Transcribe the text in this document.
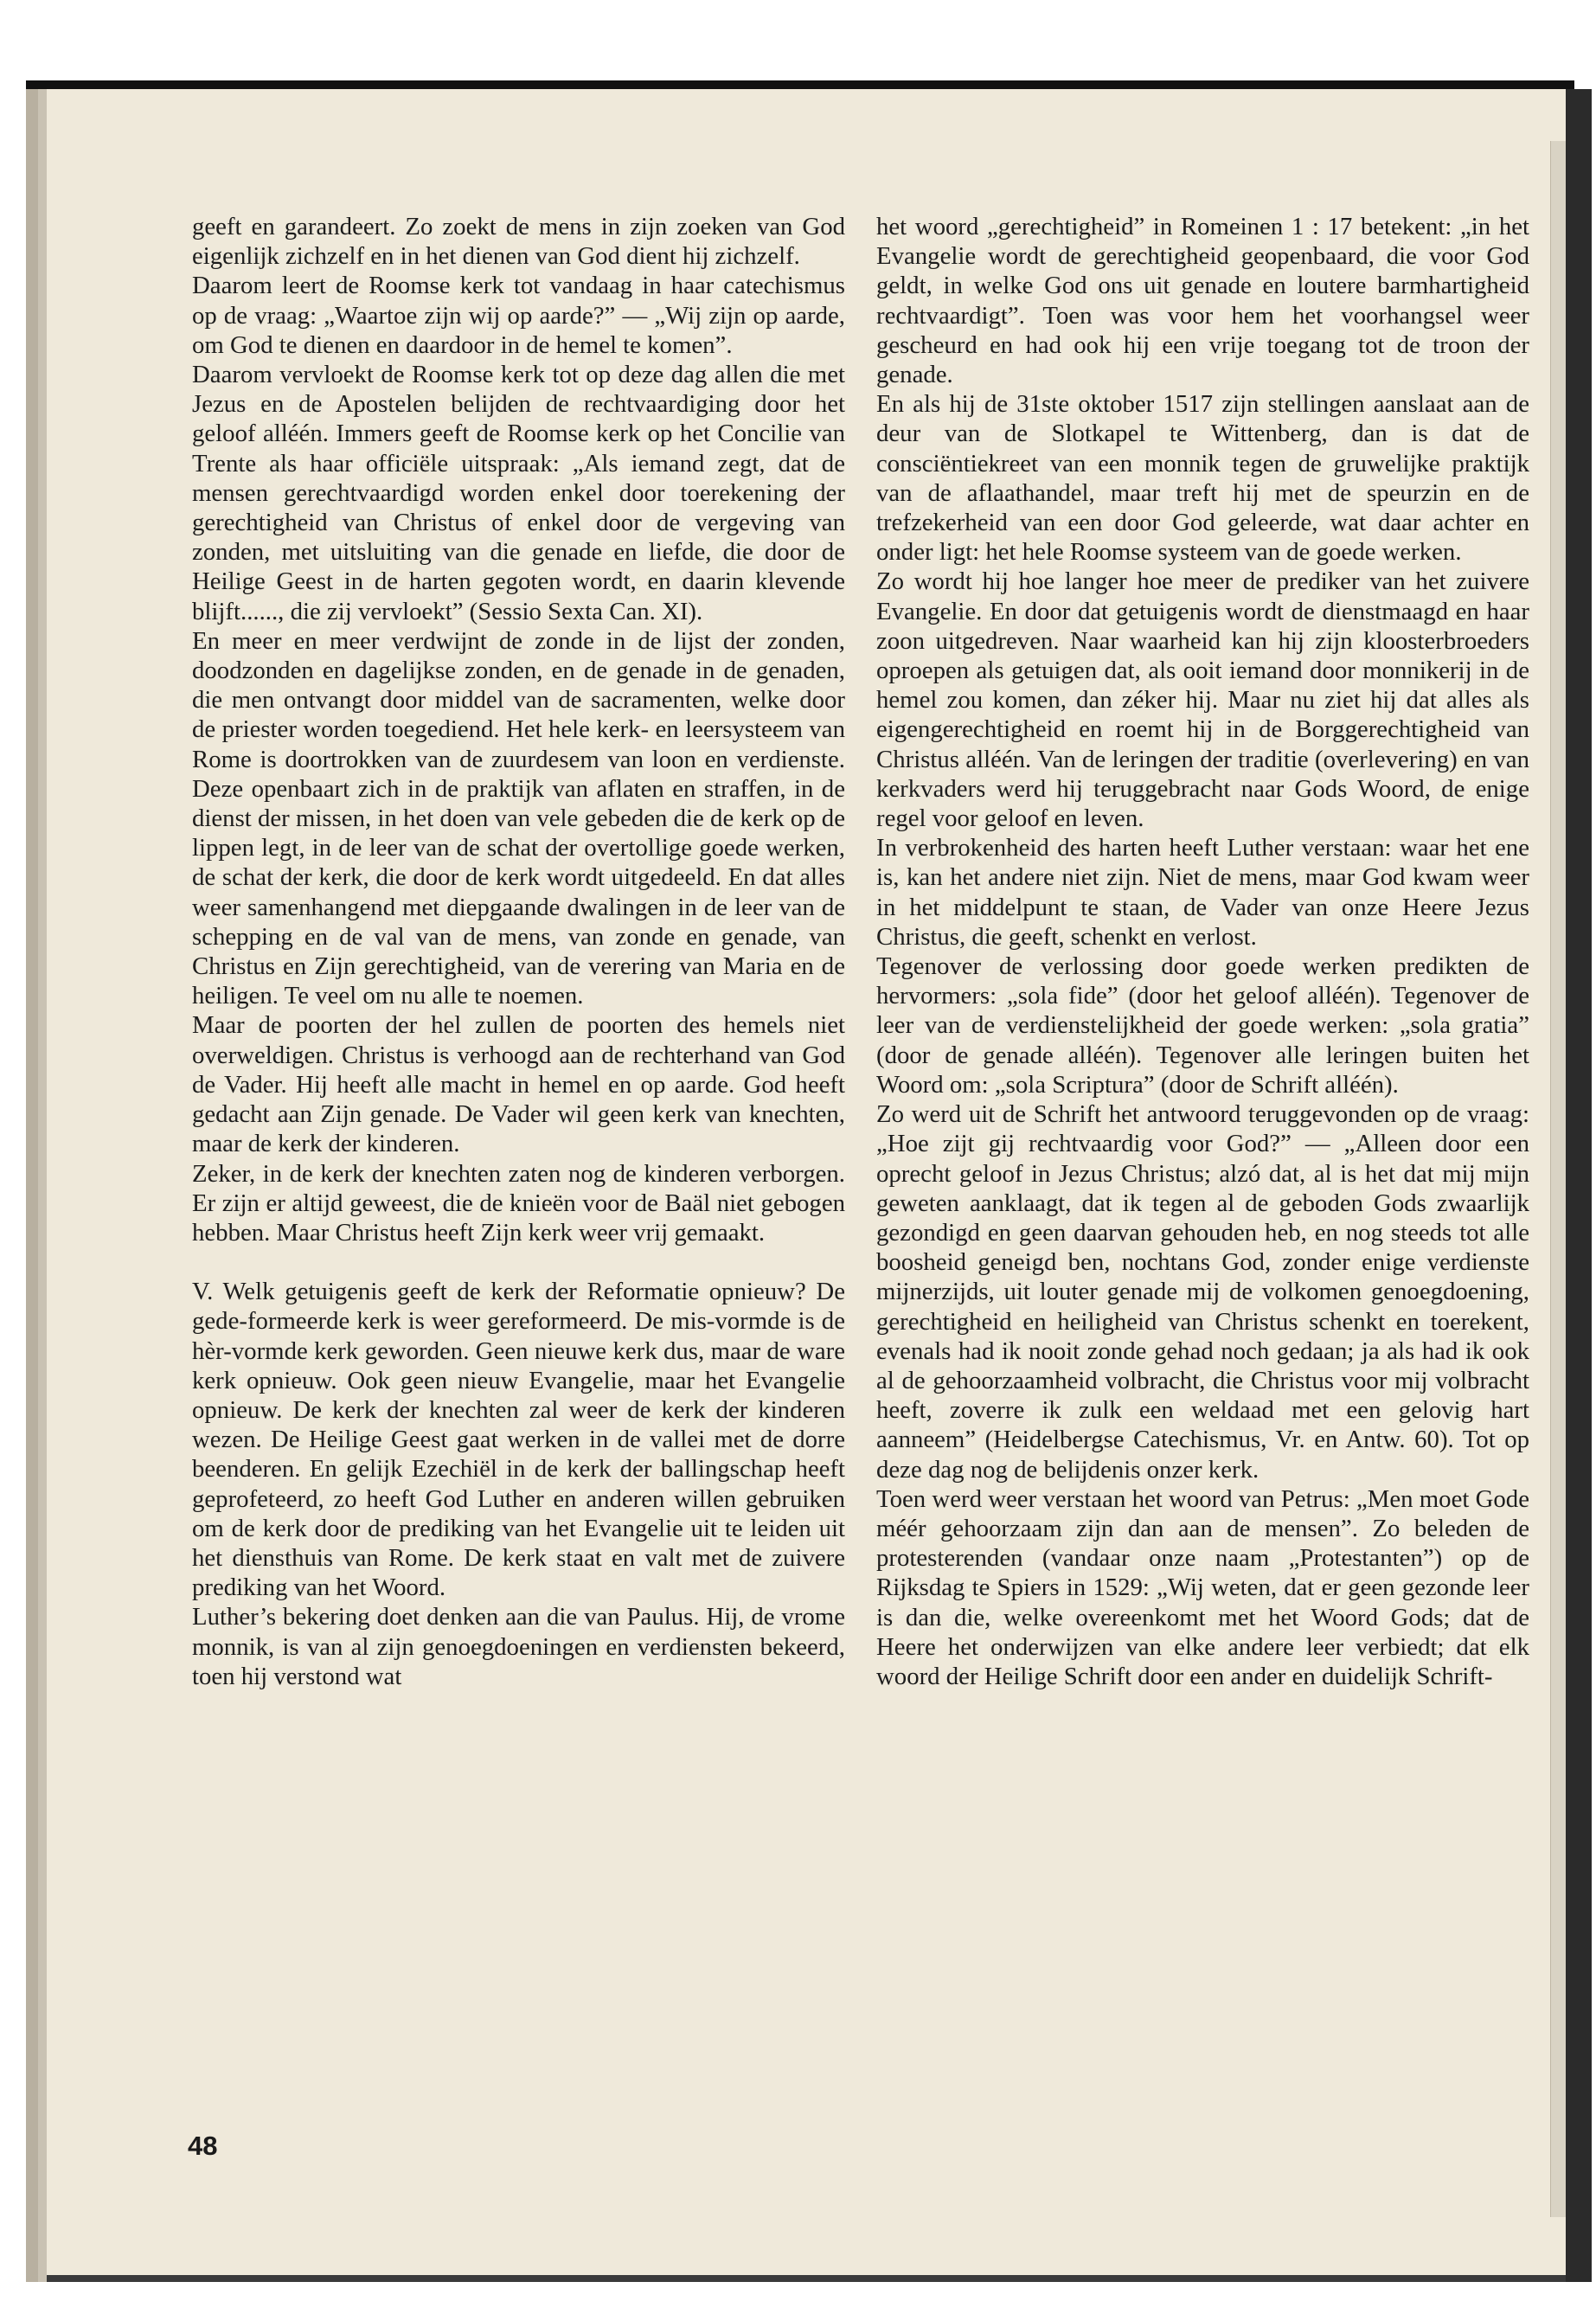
geeft en garandeert. Zo zoekt de mens in zijn zoeken van God eigenlijk zichzelf en in het dienen van God dient hij zichzelf.

Daarom leert de Roomse kerk tot vandaag in haar catechismus op de vraag: „Waartoe zijn wij op aarde?” — „Wij zijn op aarde, om God te dienen en daardoor in de hemel te komen”.

Daarom vervloekt de Roomse kerk tot op deze dag allen die met Jezus en de Apostelen belijden de rechtvaardiging door het geloof alléén. Immers geeft de Roomse kerk op het Concilie van Trente als haar officiële uitspraak: „Als iemand zegt, dat de mensen gerechtvaardigd worden enkel door toerekening der gerechtigheid van Christus of enkel door de vergeving van zonden, met uitsluiting van die genade en liefde, die door de Heilige Geest in de harten gegoten wordt, en daarin klevende blijft......, die zij vervloekt” (Sessio Sexta Can. XI).

En meer en meer verdwijnt de zonde in de lijst der zonden, doodzonden en dagelijkse zonden, en de genade in de genaden, die men ontvangt door middel van de sacramenten, welke door de priester worden toegediend. Het hele kerk- en leersysteem van Rome is doortrokken van de zuurdesem van loon en verdienste. Deze openbaart zich in de praktijk van aflaten en straffen, in de dienst der missen, in het doen van vele gebeden die de kerk op de lippen legt, in de leer van de schat der overtollige goede werken, de schat der kerk, die door de kerk wordt uitgedeeld. En dat alles weer samenhangend met diepgaande dwalingen in de leer van de schepping en de val van de mens, van zonde en genade, van Christus en Zijn gerechtigheid, van de verering van Maria en de heiligen. Te veel om nu alle te noemen.

Maar de poorten der hel zullen de poorten des hemels niet overweldigen. Christus is verhoogd aan de rechterhand van God de Vader. Hij heeft alle macht in hemel en op aarde. God heeft gedacht aan Zijn genade. De Vader wil geen kerk van knechten, maar de kerk der kinderen.

Zeker, in de kerk der knechten zaten nog de kinderen verborgen. Er zijn er altijd geweest, die de knieën voor de Baäl niet gebogen hebben. Maar Christus heeft Zijn kerk weer vrij gemaakt.

V. Welk getuigenis geeft de kerk der Reformatie opnieuw? De gede-formeerde kerk is weer gereformeerd. De mis-vormde is de hèr-vormde kerk geworden. Geen nieuwe kerk dus, maar de ware kerk opnieuw. Ook geen nieuw Evangelie, maar het Evangelie opnieuw. De kerk der knechten zal weer de kerk der kinderen wezen. De Heilige Geest gaat werken in de vallei met de dorre beenderen. En gelijk Ezechiël in de kerk der ballingschap heeft geprofeteerd, zo heeft God Luther en anderen willen gebruiken om de kerk door de prediking van het Evangelie uit te leiden uit het diensthuis van Rome. De kerk staat en valt met de zuivere prediking van het Woord.

Luther’s bekering doet denken aan die van Paulus. Hij, de vrome monnik, is van al zijn genoegdoeningen en verdiensten bekeerd, toen hij verstond wat

het woord „gerechtigheid” in Romeinen 1 : 17 betekent: „in het Evangelie wordt de gerechtigheid geopenbaard, die voor God geldt, in welke God ons uit genade en loutere barmhartigheid rechtvaardigt”. Toen was voor hem het voorhangsel weer gescheurd en had ook hij een vrije toegang tot de troon der genade.

En als hij de 31ste oktober 1517 zijn stellingen aanslaat aan de deur van de Slotkapel te Wittenberg, dan is dat de consciëntiekreet van een monnik tegen de gruwelijke praktijk van de aflaathandel, maar treft hij met de speurzin en de trefzekerheid van een door God geleerde, wat daar achter en onder ligt: het hele Roomse systeem van de goede werken.

Zo wordt hij hoe langer hoe meer de prediker van het zuivere Evangelie. En door dat getuigenis wordt de dienstmaagd en haar zoon uitgedreven. Naar waarheid kan hij zijn kloosterbroeders oproepen als getuigen dat, als ooit iemand door monnikerij in de hemel zou komen, dan zéker hij. Maar nu ziet hij dat alles als eigengerechtigheid en roemt hij in de Borggerechtigheid van Christus alléén. Van de leringen der traditie (overlevering) en van kerkvaders werd hij teruggebracht naar Gods Woord, de enige regel voor geloof en leven.

In verbrokenheid des harten heeft Luther verstaan: waar het ene is, kan het andere niet zijn. Niet de mens, maar God kwam weer in het middelpunt te staan, de Vader van onze Heere Jezus Christus, die geeft, schenkt en verlost.

Tegenover de verlossing door goede werken predikten de hervormers: „sola fide” (door het geloof alléén). Tegenover de leer van de verdienstelijkheid der goede werken: „sola gratia” (door de genade alléén). Tegenover alle leringen buiten het Woord om: „sola Scriptura” (door de Schrift alléén).

Zo werd uit de Schrift het antwoord teruggevonden op de vraag: „Hoe zijt gij rechtvaardig voor God?” — „Alleen door een oprecht geloof in Jezus Christus; alzó dat, al is het dat mij mijn geweten aanklaagt, dat ik tegen al de geboden Gods zwaarlijk gezondigd en geen daarvan gehouden heb, en nog steeds tot alle boosheid geneigd ben, nochtans God, zonder enige verdienste mijnerzijds, uit louter genade mij de volkomen genoegdoening, gerechtigheid en heiligheid van Christus schenkt en toerekent, evenals had ik nooit zonde gehad noch gedaan; ja als had ik ook al de gehoorzaamheid volbracht, die Christus voor mij volbracht heeft, zoverre ik zulk een weldaad met een gelovig hart aanneem” (Heidelbergse Catechismus, Vr. en Antw. 60). Tot op deze dag nog de belijdenis onzer kerk.

Toen werd weer verstaan het woord van Petrus: „Men moet Gode méér gehoorzaam zijn dan aan de mensen”. Zo beleden de protesterenden (vandaar onze naam „Protestanten”) op de Rijksdag te Spiers in 1529: „Wij weten, dat er geen gezonde leer is dan die, welke overeenkomt met het Woord Gods; dat de Heere het onderwijzen van elke andere leer verbiedt; dat elk woord der Heilige Schrift door een ander en duidelijk Schrift-

48
